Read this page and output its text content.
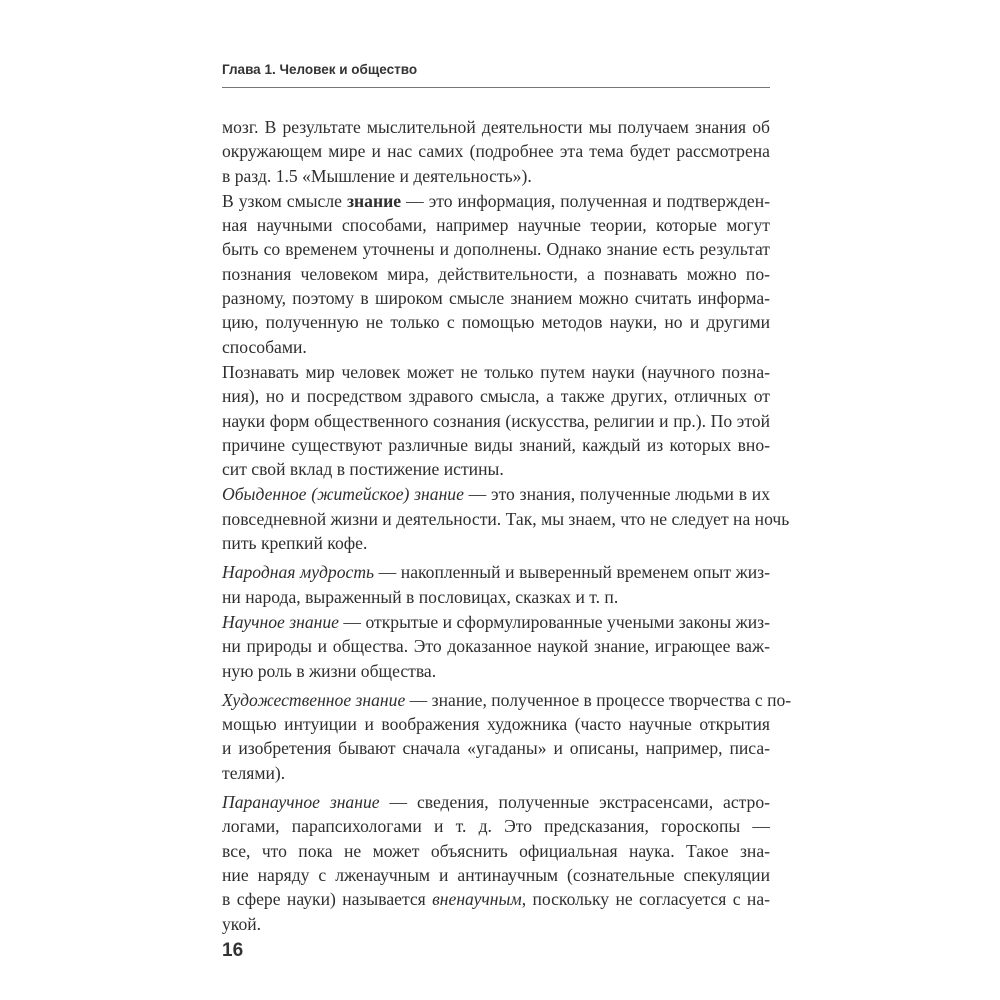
Глава 1. Человек и общество
мозг. В результате мыслительной деятельности мы получаем знания об
окружающем мире и нас самих (подробнее эта тема будет рассмотрена
в разд. 1.5 «Мышление и деятельность»).
В узком смысле знание — это информация, полученная и подтвержден-
ная научными способами, например научные теории, которые могут
быть со временем уточнены и дополнены. Однако знание есть результат
познания человеком мира, действительности, а познавать можно по-
разному, поэтому в широком смысле знанием можно считать информа-
цию, полученную не только с помощью методов науки, но и другими
способами.
Познавать мир человек может не только путем науки (научного позна-
ния), но и посредством здравого смысла, а также других, отличных от
науки форм общественного сознания (искусства, религии и пр.). По этой
причине существуют различные виды знаний, каждый из которых вно-
сит свой вклад в постижение истины.
Обыденное (житейское) знание — это знания, полученные людьми в их
повседневной жизни и деятельности. Так, мы знаем, что не следует на ночь
пить крепкий кофе.
Народная мудрость — накопленный и выверенный временем опыт жиз-
ни народа, выраженный в пословицах, сказках и т. п.
Научное знание — открытые и сформулированные учеными законы жиз-
ни природы и общества. Это доказанное наукой знание, играющее важ-
ную роль в жизни общества.
Художественное знание — знание, полученное в процессе творчества с по-
мощью интуиции и воображения художника (часто научные открытия
и изобретения бывают сначала «угаданы» и описаны, например, писа-
телями).
Паранаучное знание — сведения, полученные экстрасенсами, астро-
логами, парапсихологами и т. д. Это предсказания, гороскопы —
все, что пока не может объяснить официальная наука. Такое зна-
ние наряду с лженаучным и антинаучным (сознательные спекуляции
в сфере науки) называется вненаучным, поскольку не согласуется с на-
укой.
16
